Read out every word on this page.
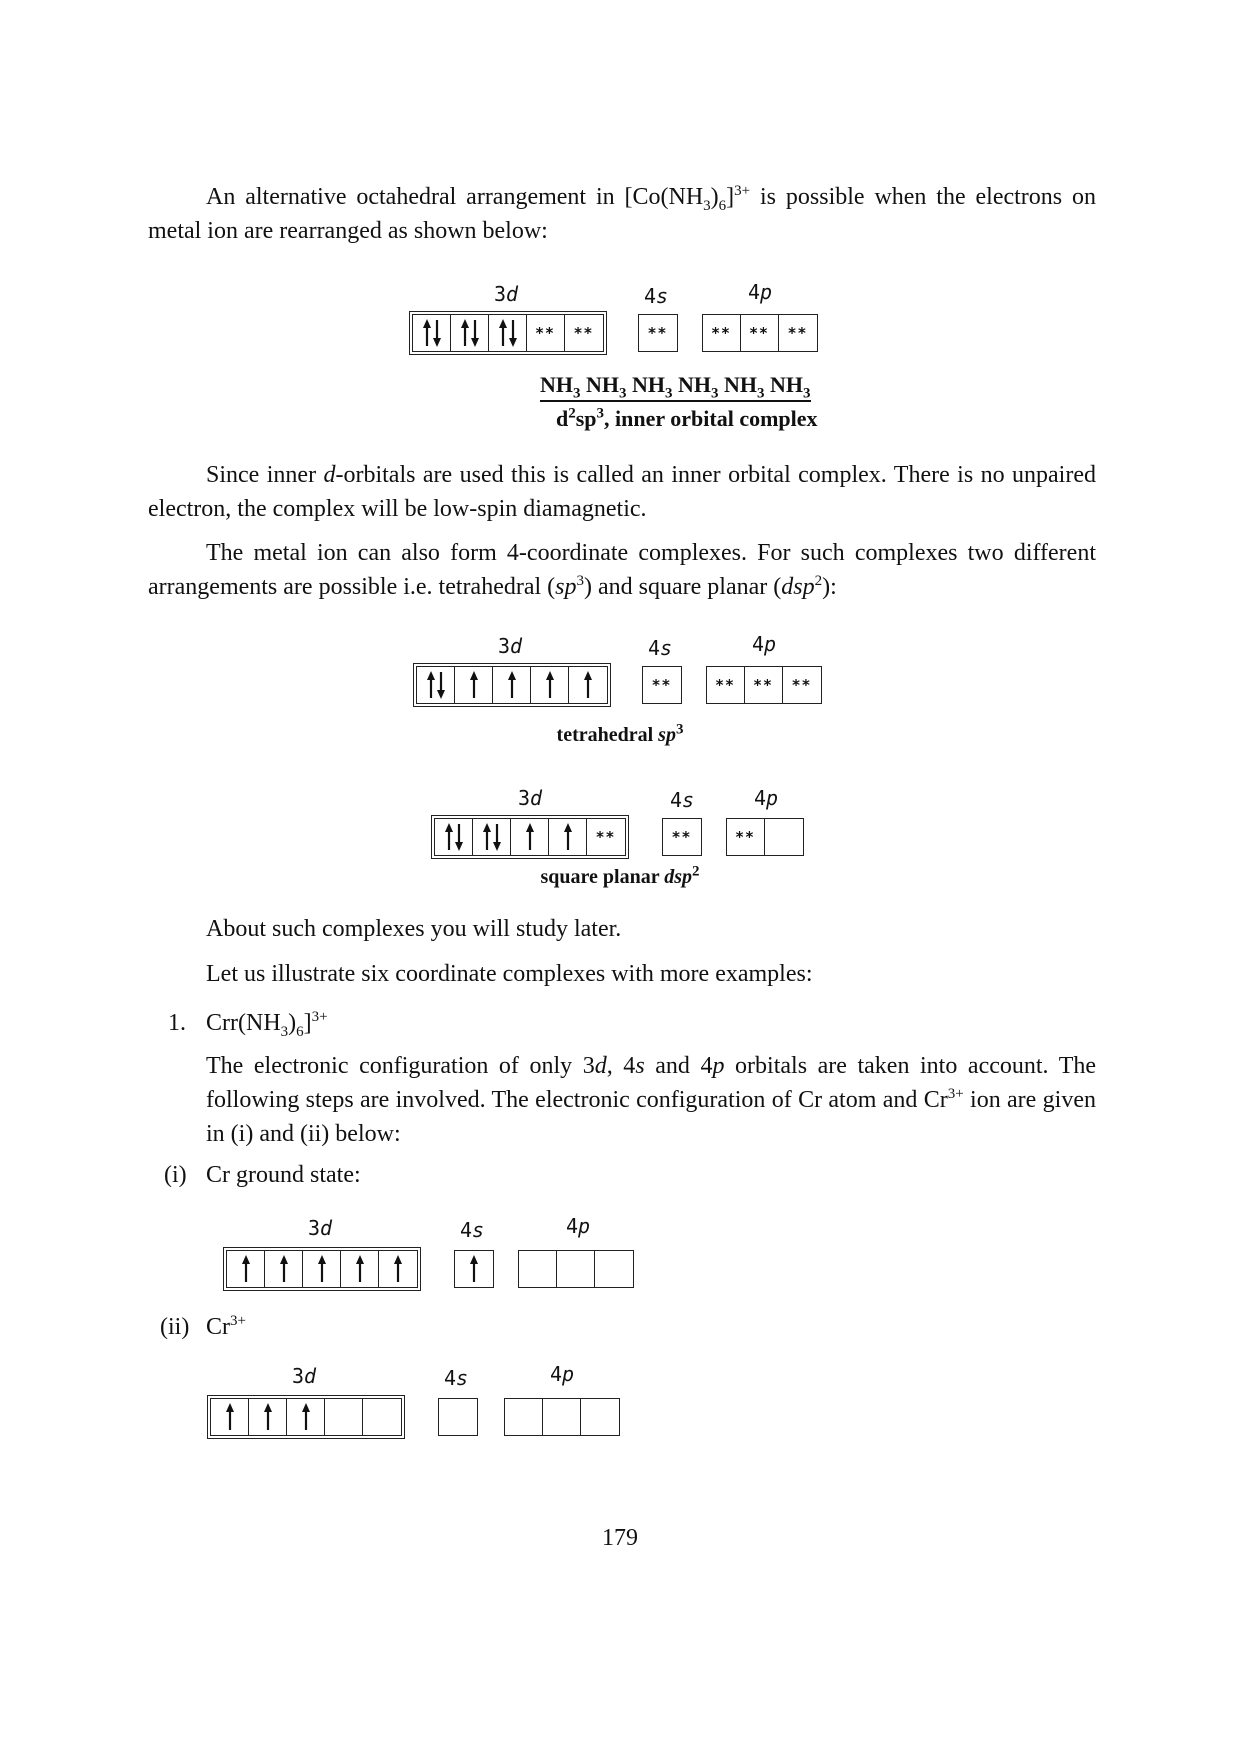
An alternative octahedral arrangement in $[Co(NH_3)_6]^{3+}$ is possible when the electrons on metal ion are rearranged as shown below:

3d	4s	4p
** **	**	** ** **
$NH_3$ $NH_3$ $NH_3$ $NH_3$ $NH_3$ $NH_3$
$d^2sp^3$, inner orbital complex

Since inner d-orbitals are used this is called an inner orbital complex. There is no unpaired electron, the complex will be low-spin diamagnetic.

The metal ion can also form 4-coordinate complexes. For such complexes two different arrangements are possible i.e. tetrahedral $(sp^3)$ and square planar (dsp$^2$):

3d	4s	4p
**	** ** **
tetrahedral $sp^3$
3d	4s	4p
**	**	**
square planar dsp$^2$
About such complexes you will study later.
Let us illustrate six coordinate complexes with more examples:
1. $Crr(NH_3)_6]^{3+}$

The electronic configuration of only 3d, 4s and 4p orbitals are taken into account. The following steps are involved. The electronic configuration of Cr atom and $Cr^{3+}$ ion are given in (i) and (ii) below:

(i) Cr ground state:
3d	4s	4p
(ii) $Cr^{3+}$
3d	4s	4p
179
